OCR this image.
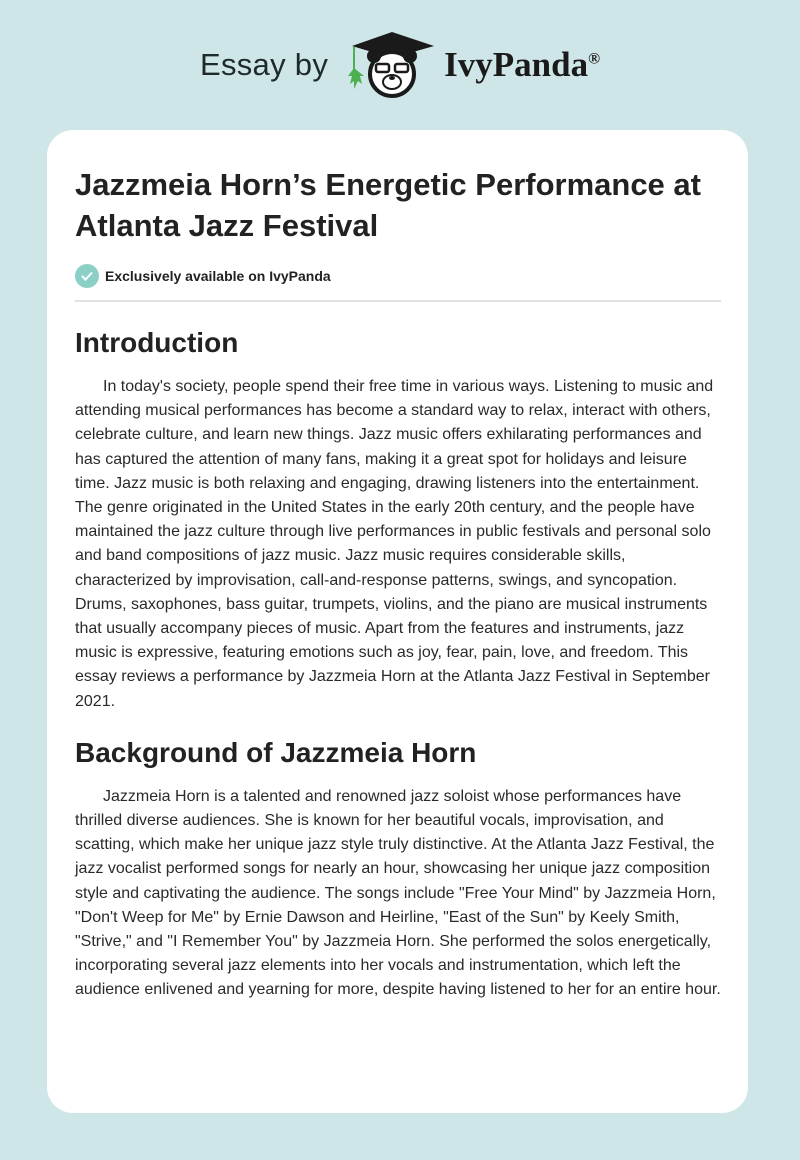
Essay by	IvyPanda®
Jazzmeia Horn’s Energetic Performance at Atlanta Jazz Festival
Exclusively available on IvyPanda
Introduction

In today's society, people spend their free time in various ways. Listening to music and attending musical performances has become a standard way to relax, interact with others, celebrate culture, and learn new things. Jazz music offers exhilarating performances and has captured the attention of many fans, making it a great spot for holidays and leisure time. Jazz music is both relaxing and engaging, drawing listeners into the entertainment. The genre originated in the United States in the early 20th century, and the people have maintained the jazz culture through live performances in public festivals and personal solo and band compositions of jazz music. Jazz music requires considerable skills, characterized by improvisation, call-and-response patterns, swings, and syncopation. Drums, saxophones, bass guitar, trumpets, violins, and the piano are musical instruments that usually accompany pieces of music. Apart from the features and instruments, jazz music is expressive, featuring emotions such as joy, fear, pain, love, and freedom. This essay reviews a performance by Jazzmeia Horn at the Atlanta Jazz Festival in September 2021.

Background of Jazzmeia Horn

Jazzmeia Horn is a talented and renowned jazz soloist whose performances have thrilled diverse audiences. She is known for her beautiful vocals, improvisation, and scatting, which make her unique jazz style truly distinctive. At the Atlanta Jazz Festival, the jazz vocalist performed songs for nearly an hour, showcasing her unique jazz composition style and captivating the audience. The songs include "Free Your Mind" by Jazzmeia Horn, "Don't Weep for Me" by Ernie Dawson and Heirline, "East of the Sun" by Keely Smith, "Strive," and "I Remember You" by Jazzmeia Horn. She performed the solos energetically, incorporating several jazz elements into her vocals and instrumentation, which left the audience enlivened and yearning for more, despite having listened to her for an entire hour.
